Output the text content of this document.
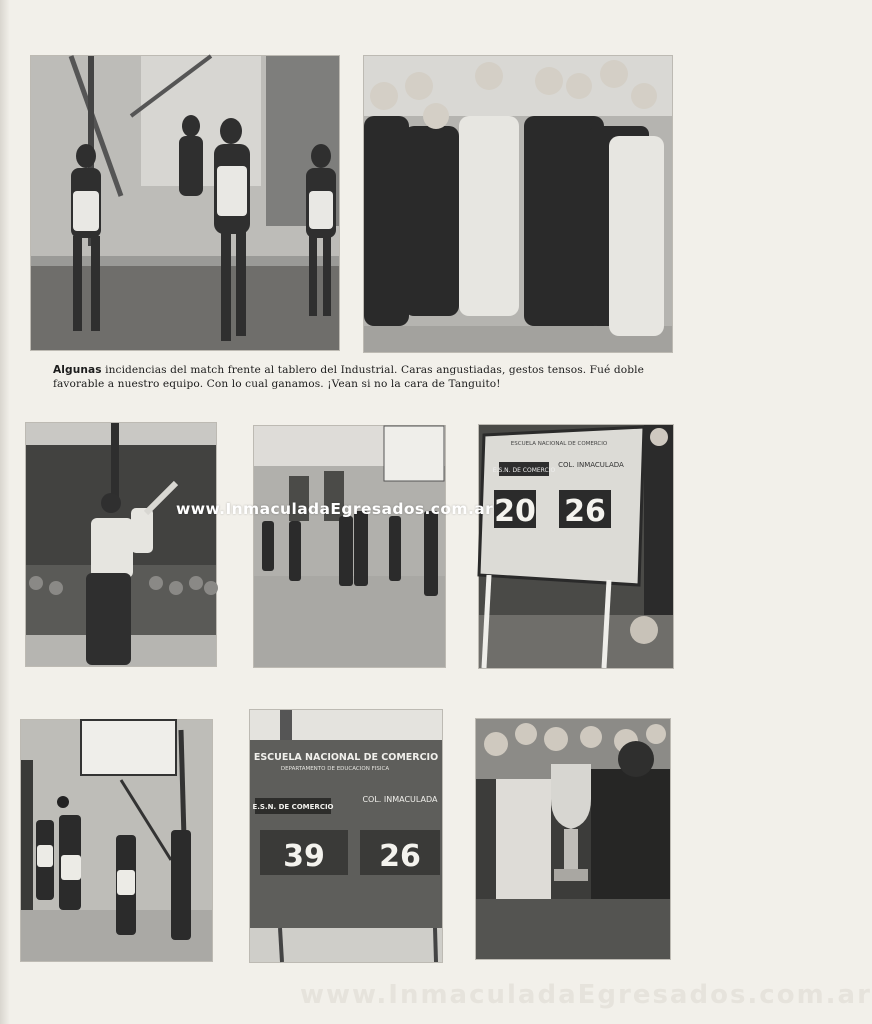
Algunas incidencias del match frente al tablero del Industrial. Caras angustiadas, gestos tensos. Fué doble favorable a nuestro equipo. Con lo cual ganamos. ¡Vean si no la cara de Tanguito!
E.S.N. DE COMERCIO
COL. INMACULADA
ESCUELA NACIONAL DE COMERCIO
20 26
www.InmaculadaEgresados.com.ar
ESCUELA NACIONAL DE COMERCIO
DEPARTAMENTO DE EDUCACION FISICA
E.S.N. DE COMERCIO
COL. INMACULADA
39 26
www.InmaculadaEgresados.com.ar
